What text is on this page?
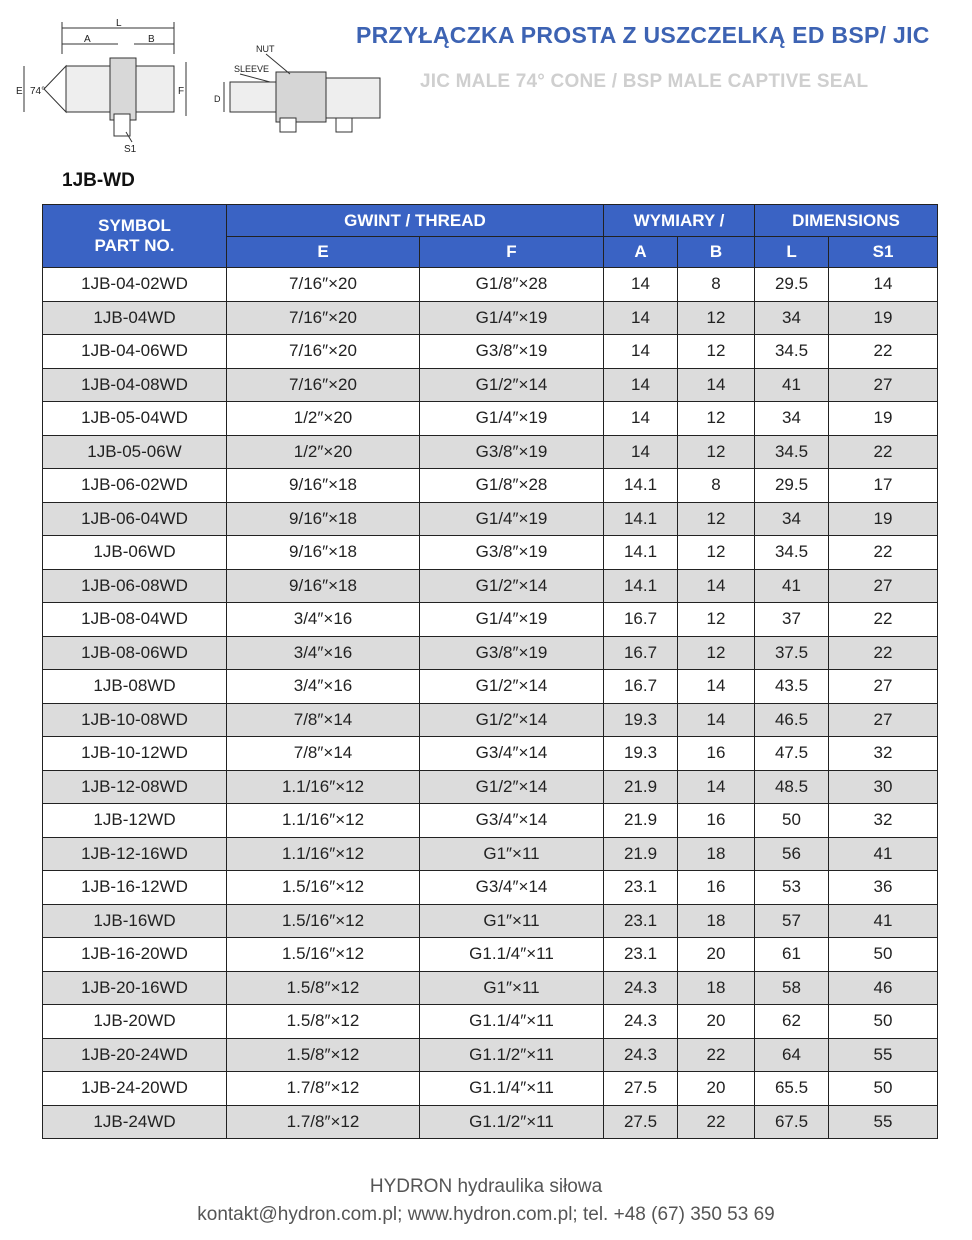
PRZYŁĄCZKA PROSTA Z USZCZELKĄ ED BSP/ JIC
JIC MALE 74° CONE / BSP MALE CAPTIVE SEAL
L
A	B
E 74°	F
S1
NUT
SLEEVE
D
1JB-WD
SYMBOL
PART NO.	GWINT / THREAD		WYMIARY /		DIMENSIONS	
	E	F	A	B	L	S1
1JB-04-02WD	7/16″×20	G1/8″×28	14	8	29.5	14
1JB-04WD	7/16″×20	G1/4″×19	14	12	34	19
1JB-04-06WD	7/16″×20	G3/8″×19	14	12	34.5	22
1JB-04-08WD	7/16″×20	G1/2″×14	14	14	41	27
1JB-05-04WD	1/2″×20	G1/4″×19	14	12	34	19
1JB-05-06W	1/2″×20	G3/8″×19	14	12	34.5	22
1JB-06-02WD	9/16″×18	G1/8″×28	14.1	8	29.5	17
1JB-06-04WD	9/16″×18	G1/4″×19	14.1	12	34	19
1JB-06WD	9/16″×18	G3/8″×19	14.1	12	34.5	22
1JB-06-08WD	9/16″×18	G1/2″×14	14.1	14	41	27
1JB-08-04WD	3/4″×16	G1/4″×19	16.7	12	37	22
1JB-08-06WD	3/4″×16	G3/8″×19	16.7	12	37.5	22
1JB-08WD	3/4″×16	G1/2″×14	16.7	14	43.5	27
1JB-10-08WD	7/8″×14	G1/2″×14	19.3	14	46.5	27
1JB-10-12WD	7/8″×14	G3/4″×14	19.3	16	47.5	32
1JB-12-08WD	1.1/16″×12	G1/2″×14	21.9	14	48.5	30
1JB-12WD	1.1/16″×12	G3/4″×14	21.9	16	50	32
1JB-12-16WD	1.1/16″×12	G1″×11	21.9	18	56	41
1JB-16-12WD	1.5/16″×12	G3/4″×14	23.1	16	53	36
1JB-16WD	1.5/16″×12	G1″×11	23.1	18	57	41
1JB-16-20WD	1.5/16″×12	G1.1/4″×11	23.1	20	61	50
1JB-20-16WD	1.5/8″×12	G1″×11	24.3	18	58	46
1JB-20WD	1.5/8″×12	G1.1/4″×11	24.3	20	62	50
1JB-20-24WD	1.5/8″×12	G1.1/2″×11	24.3	22	64	55
1JB-24-20WD	1.7/8″×12	G1.1/4″×11	27.5	20	65.5	50
1JB-24WD	1.7/8″×12	G1.1/2″×11	27.5	22	67.5	55
HYDRON hydraulika siłowa
kontakt@hydron.com.pl; www.hydron.com.pl; tel. +48 (67) 350 53 69
